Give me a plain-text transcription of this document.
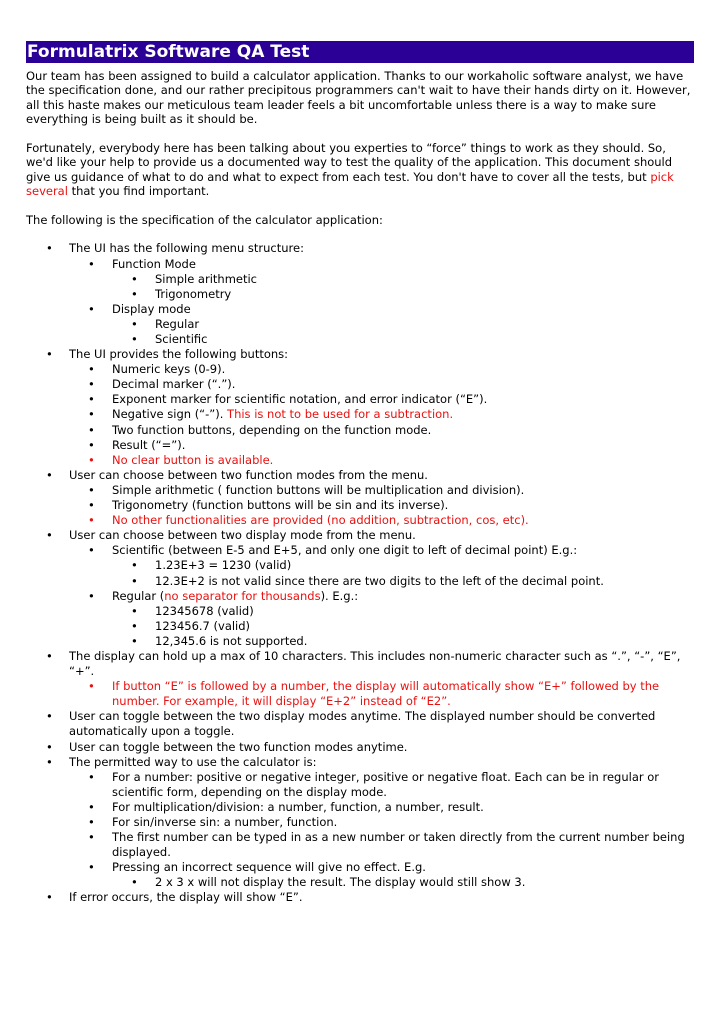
Formulatrix Software QA Test

Our team has been assigned to build a calculator application. Thanks to our workaholic software analyst, we have the specification done, and our rather precipitous programmers can't wait to have their hands dirty on it. However, all this haste makes our meticulous team leader feels a bit uncomfortable unless there is a way to make sure everything is being built as it should be.

Fortunately, everybody here has been talking about you experties to “force” things to work as they should. So, we'd like your help to provide us a documented way to test the quality of the application. This document should give us guidance of what to do and what to expect from each test. You don't have to cover all the tests, but pick several that you find important.

The following is the specification of the calculator application:

• The UI has the following menu structure:
• Function Mode
• Simple arithmetic
• Trigonometry
• Display mode
• Regular
• Scientific
• The UI provides the following buttons:
• Numeric keys (0-9).
• Decimal marker (“.”).
• Exponent marker for scientific notation, and error indicator (“E”).
• Negative sign (“-”). This is not to be used for a subtraction.
• Two function buttons, depending on the function mode.
• Result (“=”).
• No clear button is available.
• User can choose between two function modes from the menu.
• Simple arithmetic ( function buttons will be multiplication and division).
• Trigonometry (function buttons will be sin and its inverse).
• No other functionalities are provided (no addition, subtraction, cos, etc).
• User can choose between two display mode from the menu.
• Scientific (between E-5 and E+5, and only one digit to left of decimal point) E.g.:
• 1.23E+3 = 1230 (valid)
• 12.3E+2 is not valid since there are two digits to the left of the decimal point.
• Regular (no separator for thousands). E.g.:
• 12345678 (valid)
• 123456.7 (valid)
• 12,345.6 is not supported.
• The display can hold up a max of 10 characters. This includes non-numeric character such as “.”, “-”, “E”, “+”.
• If button “E” is followed by a number, the display will automatically show “E+” followed by the number. For example, it will display “E+2” instead of “E2”.
• User can toggle between the two display modes anytime. The displayed number should be converted automatically upon a toggle.
• User can toggle between the two function modes anytime.
• The permitted way to use the calculator is:
• For a number: positive or negative integer, positive or negative float. Each can be in regular or scientific form, depending on the display mode.
• For multiplication/division: a number, function, a number, result.
• For sin/inverse sin: a number, function.
• The first number can be typed in as a new number or taken directly from the current number being displayed.
• Pressing an incorrect sequence will give no effect. E.g.
• 2 x 3 x will not display the result. The display would still show 3.
• If error occurs, the display will show “E”.
